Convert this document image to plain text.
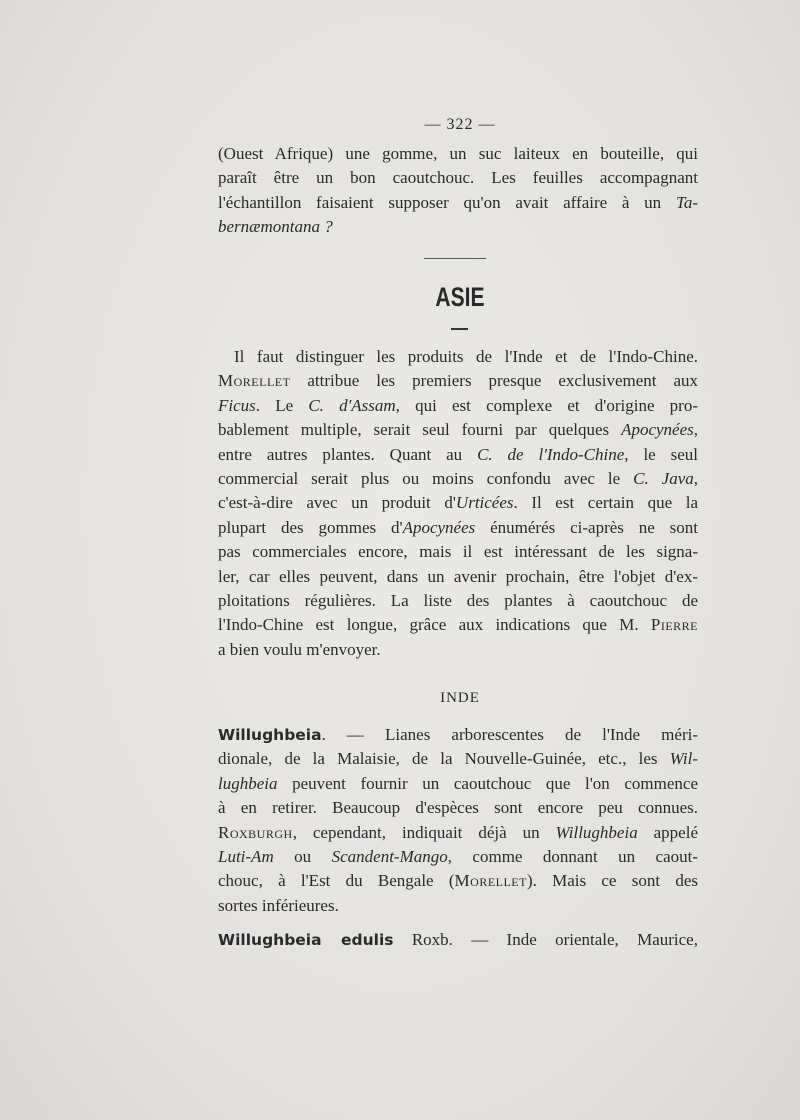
— 322 —
(Ouest Afrique) une gomme, un suc laiteux en bouteille, qui
paraît être un bon caoutchouc. Les feuilles accompagnant
l'échantillon faisaient supposer qu'on avait affaire à un Ta-
bernæmontana ?
ASIE
Il faut distinguer les produits de l'Inde et de l'Indo-Chine.
Morellet attribue les premiers presque exclusivement aux
Ficus. Le C. d'Assam, qui est complexe et d'origine pro-
bablement multiple, serait seul fourni par quelques Apocynées,
entre autres plantes. Quant au C. de l'Indo-Chine, le seul
commercial serait plus ou moins confondu avec le C. Java,
c'est-à-dire avec un produit d'Urticées. Il est certain que la
plupart des gommes d'Apocynées énumérés ci-après ne sont
pas commerciales encore, mais il est intéressant de les signa-
ler, car elles peuvent, dans un avenir prochain, être l'objet d'ex-
ploitations régulières. La liste des plantes à caoutchouc de
l'Indo-Chine est longue, grâce aux indications que M. Pierre
a bien voulu m'envoyer.
INDE
Willughbeia. — Lianes arborescentes de l'Inde méri-
dionale, de la Malaisie, de la Nouvelle-Guinée, etc., les Wil-
lughbeia peuvent fournir un caoutchouc que l'on commence
à en retirer. Beaucoup d'espèces sont encore peu connues.
Roxburgh, cependant, indiquait déjà un Willughbeia appelé
Luti-Am ou Scandent-Mango, comme donnant un caout-
chouc, à l'Est du Bengale (Morellet). Mais ce sont des
sortes inférieures.
Willughbeia edulis Roxb. — Inde orientale, Maurice,
